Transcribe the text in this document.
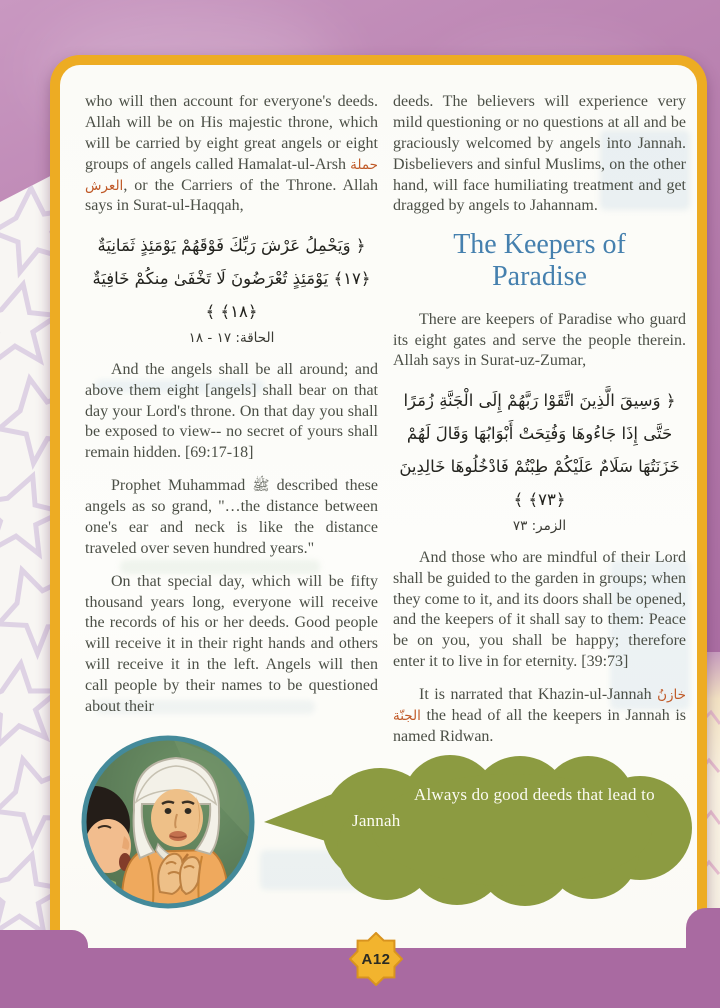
who will then account for everyone's deeds. Allah will be on His majestic throne, which will be carried by eight great angels or eight groups of angels called Hamalat-ul-Arsh حملة العرش, or the Carriers of the Throne. Allah says in Surat-ul-Haqqah,

﴿ وَيَحْمِلُ عَرْشَ رَبِّكَ فَوْقَهُمْ يَوْمَئِذٍ ثَمَانِيَةٌ ﴿١٧﴾ يَوْمَئِذٍ تُعْرَضُونَ لَا تَخْفَىٰ مِنكُمْ خَافِيَةٌ ﴿١٨﴾ ﴾
الحاقة: ١٧ - ١٨

And the angels shall be all around; and above them eight [angels] shall bear on that day your Lord's throne. On that day you shall be exposed to view-- no secret of yours shall remain hidden. [69:17-18]

Prophet Muhammad ﷺ described these angels as so grand, "…the distance between one's ear and neck is like the distance traveled over seven hundred years."

On that special day, which will be fifty thousand years long, everyone will receive the records of his or her deeds. Good people will receive it in their right hands and others will receive it in the left. Angels will then call people by their names to be questioned about their

deeds. The believers will experience very mild questioning or no questions at all and be graciously welcomed by angels into Jannah. Disbelievers and sinful Muslims, on the other hand, will face humiliating treatment and get dragged by angels to Jahannam.

The Keepers of Paradise

There are keepers of Paradise who guard its eight gates and serve the people therein. Allah says in Surat-uz-Zumar,

﴿ وَسِيقَ الَّذِينَ اتَّقَوْا رَبَّهُمْ إِلَى الْجَنَّةِ زُمَرًا حَتَّى إِذَا جَاءُوهَا وَفُتِحَتْ أَبْوَابُهَا وَقَالَ لَهُمْ خَزَنَتُهَا سَلَامٌ عَلَيْكُمْ طِبْتُمْ فَادْخُلُوهَا خَالِدِينَ ﴿٧٣﴾ ﴾
الزمر: ٧٣

And those who are mindful of their Lord shall be guided to the garden in groups; when they come to it, and its doors shall be opened, and the keepers of it shall say to them: Peace be on you, you shall be happy; therefore enter it to live in for eternity. [39:73]

It is narrated that Khazin-ul-Jannah خازنُ الجنّة the head of all the keepers in Jannah is named Ridwan.

Always do good deeds that lead to Jannah
A12
